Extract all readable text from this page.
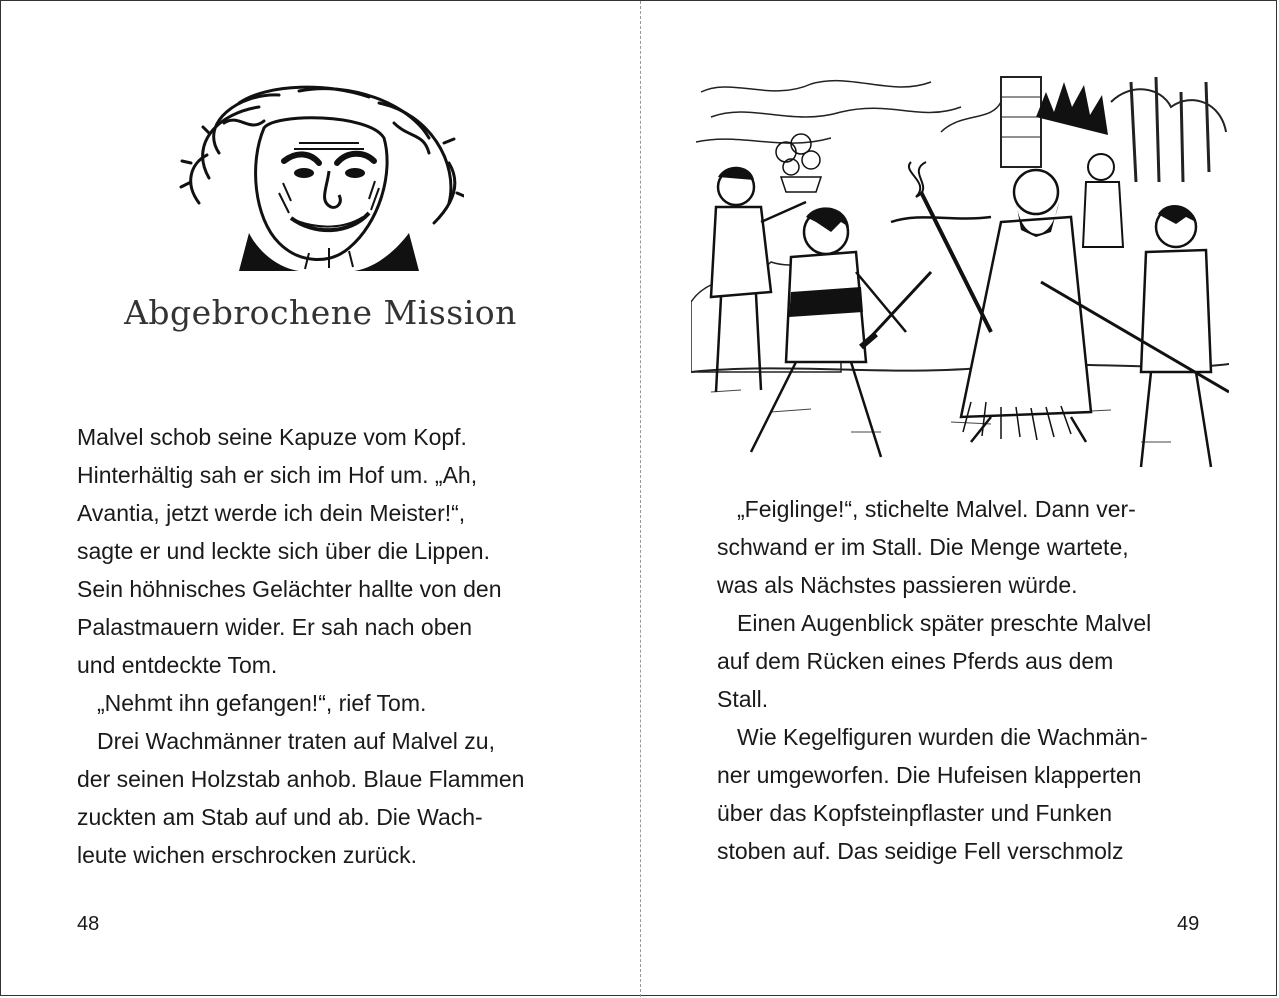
Abgebrochene Mission
Malvel schob seine Kapuze vom Kopf.
Hinterhältig sah er sich im Hof um. „Ah,
Avantia, jetzt werde ich dein Meister!“,
sagte er und leckte sich über die Lippen.
Sein höhnisches Gelächter hallte von den
Palastmauern wider. Er sah nach oben
und entdeckte Tom.
„Nehmt ihn gefangen!“, rief Tom.
Drei Wachmänner traten auf Malvel zu,
der seinen Holzstab anhob. Blaue Flammen
zuckten am Stab auf und ab. Die Wach-
leute wichen erschrocken zurück.
48
„Feiglinge!“, stichelte Malvel. Dann ver-
schwand er im Stall. Die Menge wartete,
was als Nächstes passieren würde.
Einen Augenblick später preschte Malvel
auf dem Rücken eines Pferds aus dem
Stall.
Wie Kegelfiguren wurden die Wachmän-
ner umgeworfen. Die Hufeisen klapperten
über das Kopfsteinpflaster und Funken
stoben auf. Das seidige Fell verschmolz
49
